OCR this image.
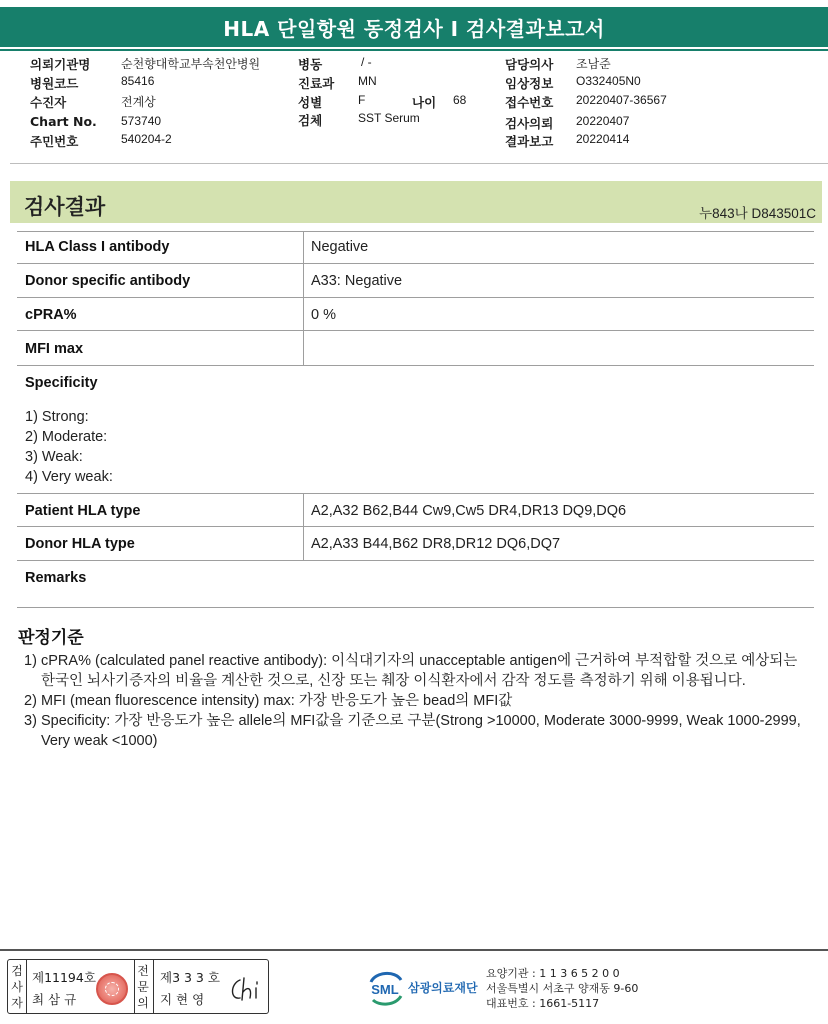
HLA 단일항원 동정검사 I 검사결과보고서
의뢰기관명	순천향대학교부속천안병원	병동	/ -	담당의사 조남준
병원코드	85416	진료과 MN	임상정보 O332405N0
수진자	전계상	성별	F	나이 68	접수번호 20220407-36567
Chart No. 573740	검체	SST Serum	검사의뢰 20220407
주민번호	540204-2	결과보고 20220414
검사결과	누843나 D843501C
HLA Class I antibody	Negative
Donor specific antibody	A33: Negative
cPRA%	0 %
MFI max
Specificity
1) Strong:
2) Moderate:
3) Weak:
4) Very weak:
Patient HLA type	A2,A32 B62,B44 Cw9,Cw5 DR4,DR13 DQ9,DQ6
Donor HLA type	A2,A33 B44,B62 DR8,DR12 DQ6,DQ7
Remarks
판정기준
1) cPRA% (calculated panel reactive antibody): 이식대기자의 unacceptable antigen에 근거하여 부적합할 것으로 예상되는 한국인 뇌사기증자의 비율을 계산한 것으로, 신장 또는 췌장 이식환자에서 감작 정도를 측정하기 위해 이용됩니다.
2) MFI (mean fluorescence intensity) max: 가장 반응도가 높은 bead의 MFI값
3) Specificity: 가장 반응도가 높은 allele의 MFI값을 기준으로 구분(Strong >10000, Moderate 3000-9999, Weak 1000-2999, Very weak <1000)
검사자
제11194호
최 삼 규
전문의
제3 3 3 호
지 현 영
SML 삼광의료재단
요양기관 : 1 1 3 6 5 2 0 0
서울특별시 서초구 양재동 9-60
대표번호 : 1661-5117
